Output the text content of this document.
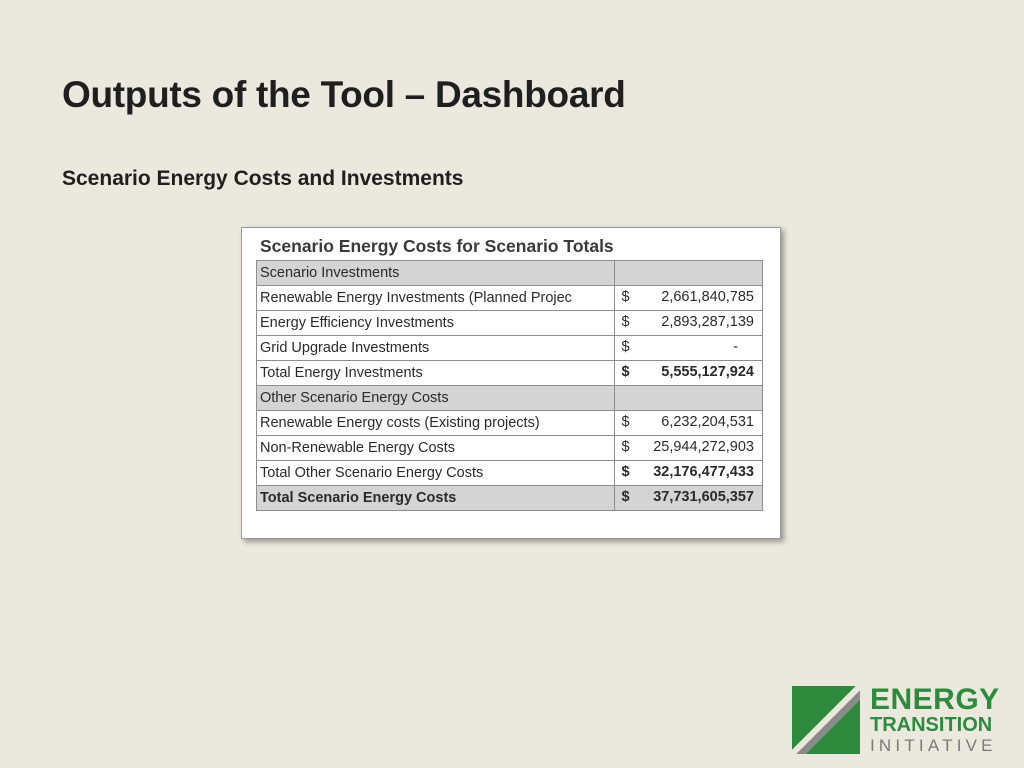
Outputs of the Tool – Dashboard
Scenario Energy Costs and Investments
Scenario Energy Costs for Scenario Totals
Scenario Investments	

Renewable Energy Investments (Planned Projec	$ 2,661,840,785

Energy Efficiency Investments	$ 2,893,287,139

Grid Upgrade Investments	$ -

Total Energy Investments	$ 5,555,127,924

Other Scenario Energy Costs	

Renewable Energy costs (Existing projects)	$ 6,232,204,531

Non-Renewable Energy Costs	$ 25,944,272,903

Total Other Scenario Energy Costs	$ 32,176,477,433

Total Scenario Energy Costs	$ 37,731,605,357
ENERGY
TRANSITION
INITIATIVE
